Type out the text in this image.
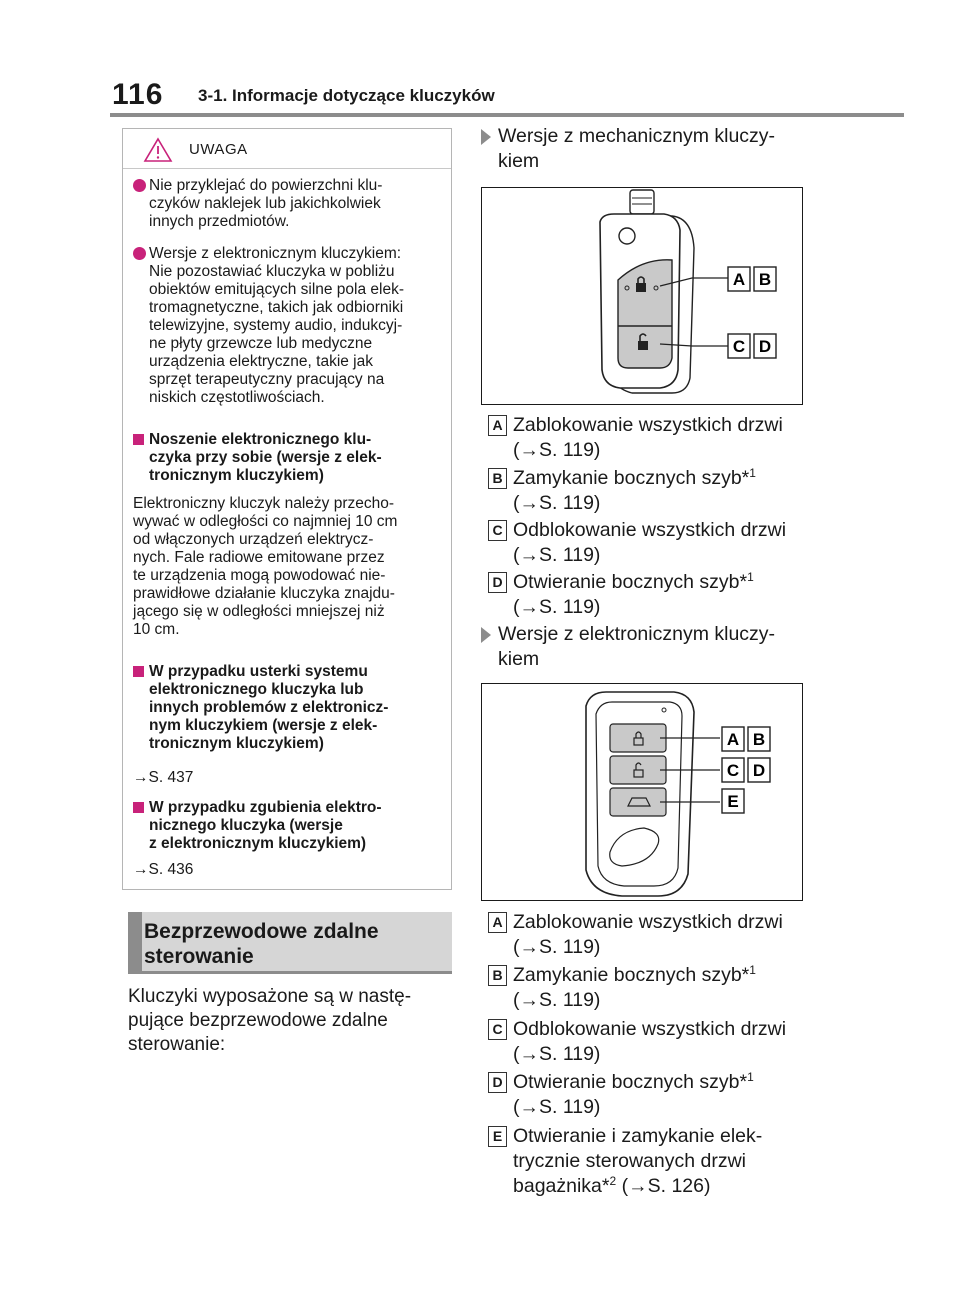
116 3-1. Informacje dotyczące kluczyków
UWAGA
Nie przyklejać do powierzchni klu-
czyków naklejek lub jakichkolwiek
innych przedmiotów.
Wersje z elektronicznym kluczykiem:
Nie pozostawiać kluczyka w pobliżu
obiektów emitujących silne pola elek-
tromagnetyczne, takich jak odbiorniki
telewizyjne, systemy audio, indukcyj-
ne płyty grzewcze lub medyczne
urządzenia elektryczne, takie jak
sprzęt terapeutyczny pracujący na
niskich częstotliwościach.
Noszenie elektronicznego klu-
czyka przy sobie (wersje z elek-
tronicznym kluczykiem)
Elektroniczny kluczyk należy przecho-
wywać w odległości co najmniej 10 cm
od włączonych urządzeń elektrycz-
nych. Fale radiowe emitowane przez
te urządzenia mogą powodować nie-
prawidłowe działanie kluczyka znajdu-
jącego się w odległości mniejszej niż
10 cm.
W przypadku usterki systemu
elektronicznego kluczyka lub
innych problemów z elektronicz-
nym kluczykiem (wersje z elek-
tronicznym kluczykiem)
→S. 437
W przypadku zgubienia elektro-
nicznego kluczyka (wersje
z elektronicznym kluczykiem)
→S. 436
Bezprzewodowe zdalne
sterowanie
Kluczyki wyposażone są w nastę-
pujące bezprzewodowe zdalne
sterowanie:
Wersje z mechanicznym kluczy-
kiem
A B
C D
A Zablokowanie wszystkich drzwi
(→S. 119)
B Zamykanie bocznych szyb*$^1$
(→S. 119)
C Odblokowanie wszystkich drzwi
(→S. 119)
D Otwieranie bocznych szyb*$^1$
(→S. 119)
Wersje z elektronicznym kluczy-
kiem
A B
C D
E
A Zablokowanie wszystkich drzwi
(→S. 119)
B Zamykanie bocznych szyb*$^1$
(→S. 119)
C Odblokowanie wszystkich drzwi
(→S. 119)
D Otwieranie bocznych szyb*$^1$
(→S. 119)
E Otwieranie i zamykanie elek-
trycznie sterowanych drzwi
bagażnika*$^2$ (→S. 126)
